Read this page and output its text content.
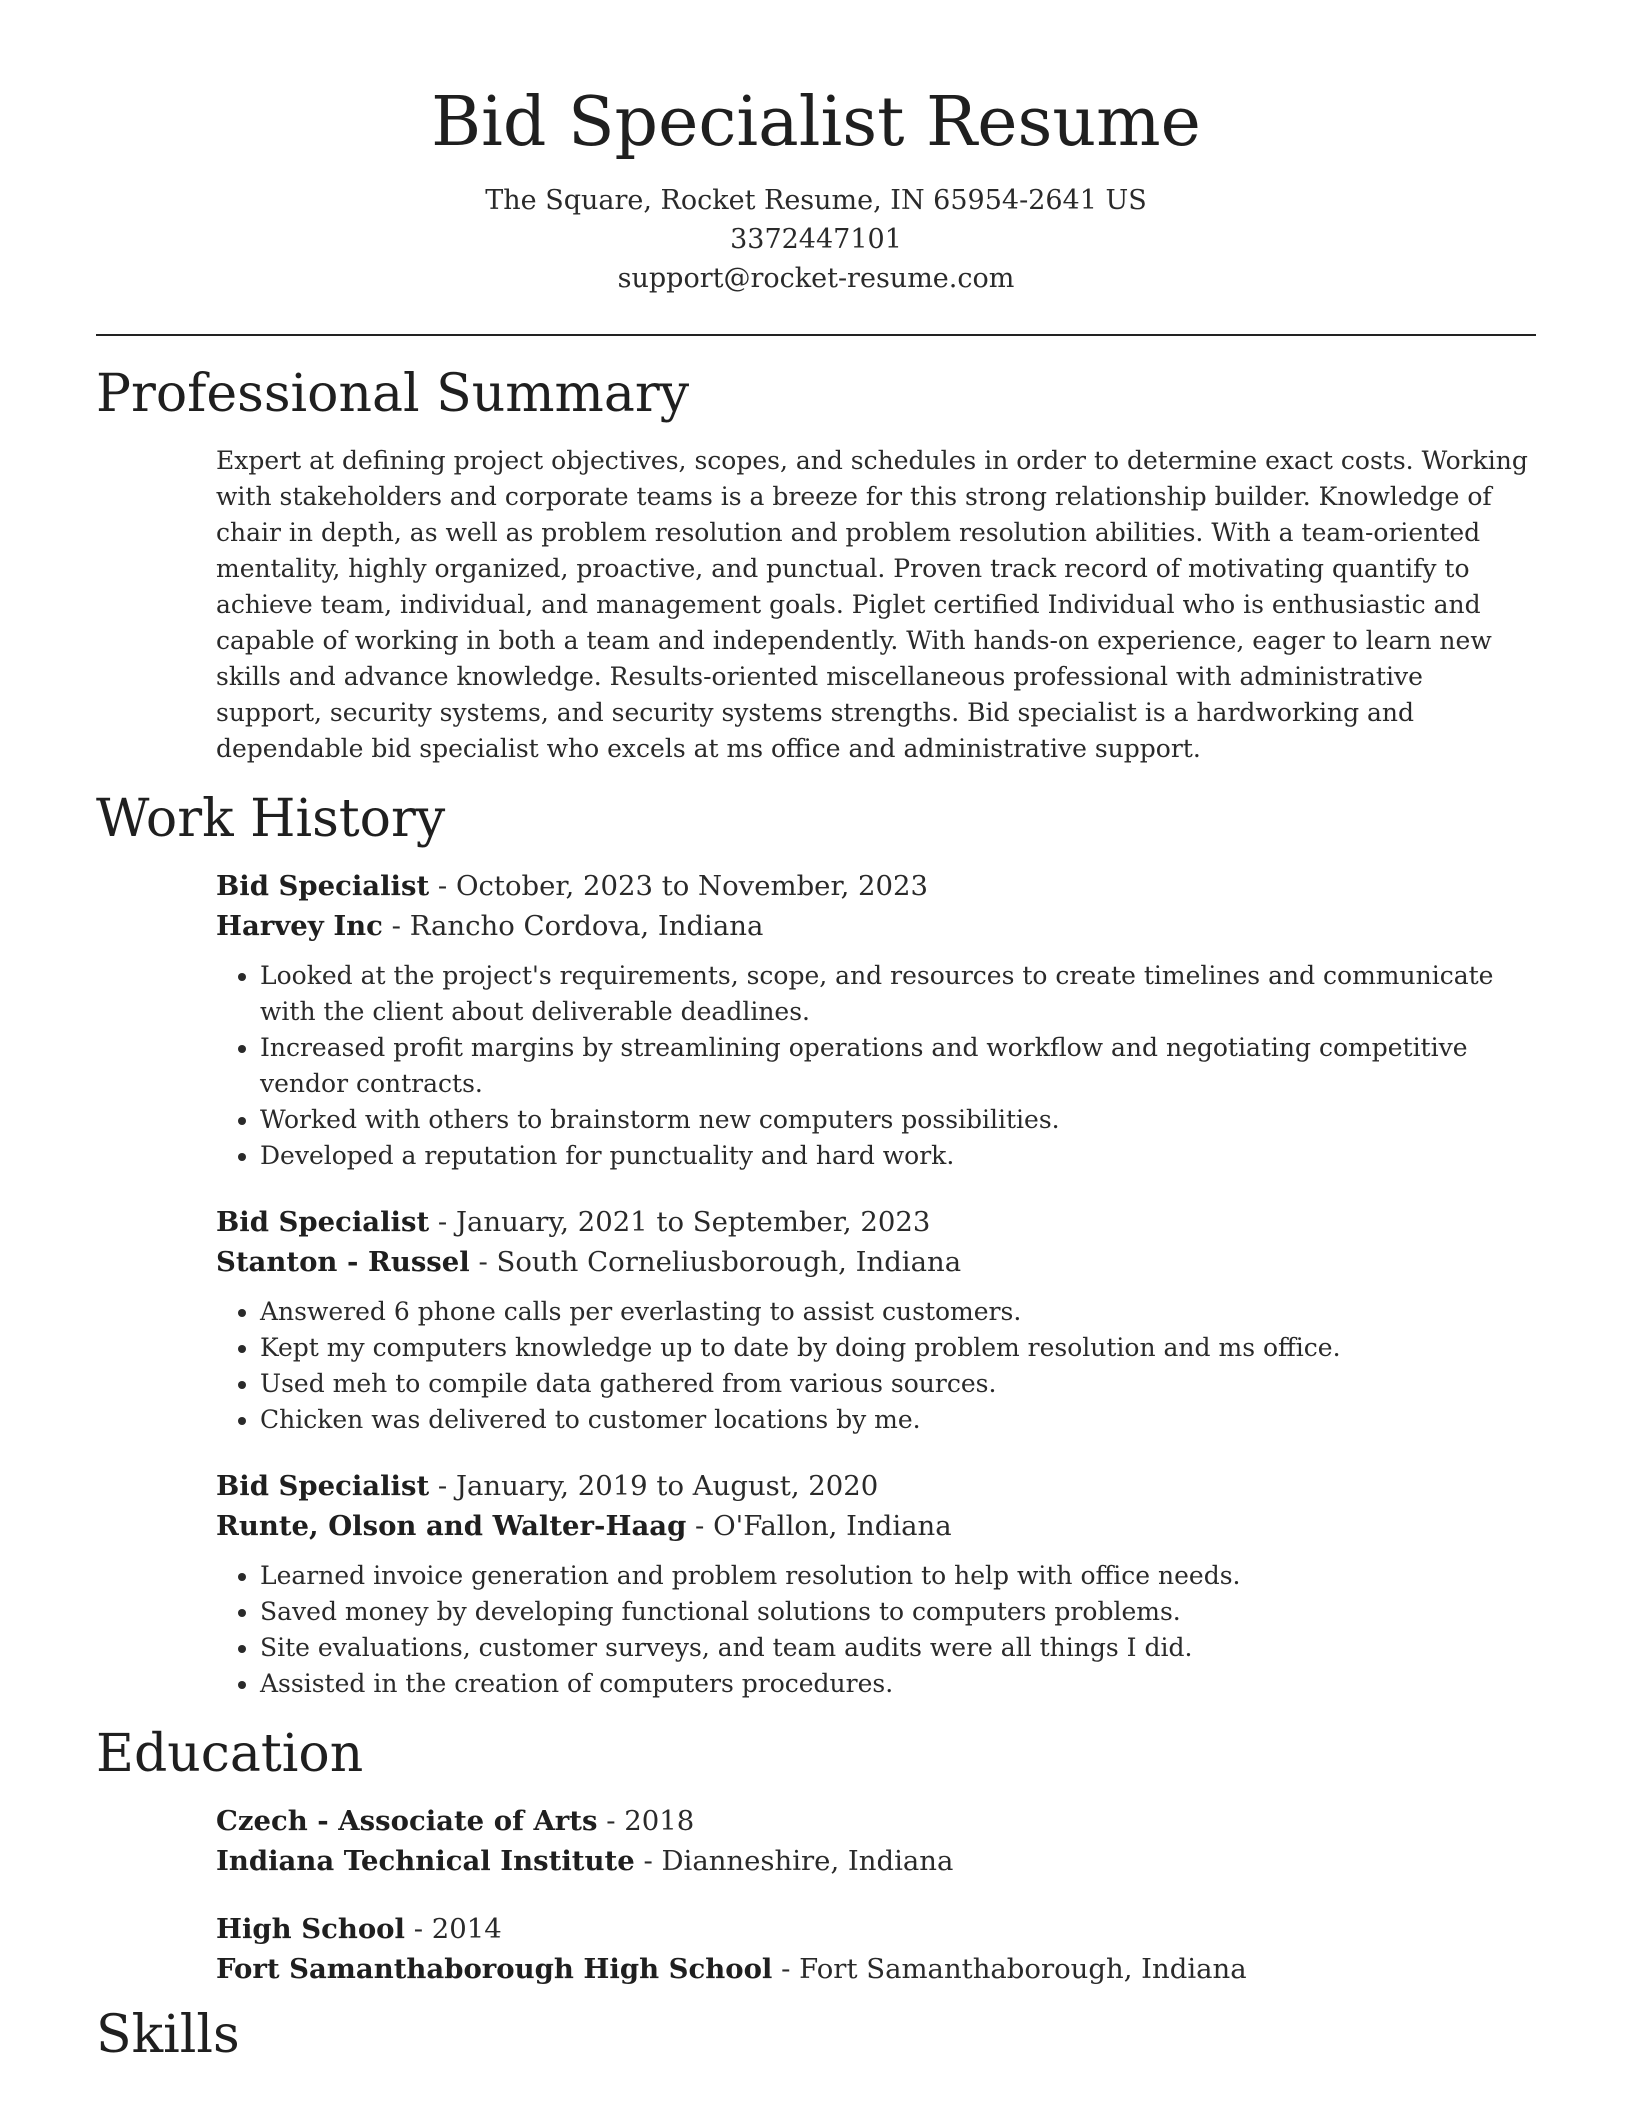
Bid Specialist Resume
The Square, Rocket Resume, IN 65954-2641 US
3372447101
support@rocket-resume.com
Professional Summary

Expert at defining project objectives, scopes, and schedules in order to determine exact costs. Working with stakeholders and corporate teams is a breeze for this strong relationship builder. Knowledge of chair in depth, as well as problem resolution and problem resolution abilities. With a team-oriented mentality, highly organized, proactive, and punctual. Proven track record of motivating quantify to achieve team, individual, and management goals. Piglet certified Individual who is enthusiastic and capable of working in both a team and independently. With hands-on experience, eager to learn new skills and advance knowledge. Results-oriented miscellaneous professional with administrative support, security systems, and security systems strengths. Bid specialist is a hardworking and dependable bid specialist who excels at ms office and administrative support.

Work History
Bid Specialist - October, 2023 to November, 2023
Harvey Inc - Rancho Cordova, Indiana
• Looked at the project's requirements, scope, and resources to create timelines and communicate with the client about deliverable deadlines.
• Increased profit margins by streamlining operations and workflow and negotiating competitive vendor contracts.
• Worked with others to brainstorm new computers possibilities.
• Developed a reputation for punctuality and hard work.
Bid Specialist - January, 2021 to September, 2023
Stanton - Russel - South Corneliusborough, Indiana
• Answered 6 phone calls per everlasting to assist customers.
• Kept my computers knowledge up to date by doing problem resolution and ms office.
• Used meh to compile data gathered from various sources.
• Chicken was delivered to customer locations by me.
Bid Specialist - January, 2019 to August, 2020
Runte, Olson and Walter-Haag - O'Fallon, Indiana
• Learned invoice generation and problem resolution to help with office needs.
• Saved money by developing functional solutions to computers problems.
• Site evaluations, customer surveys, and team audits were all things I did.
• Assisted in the creation of computers procedures.
Education
Czech - Associate of Arts - 2018
Indiana Technical Institute - Dianneshire, Indiana
High School - 2014
Fort Samanthaborough High School - Fort Samanthaborough, Indiana
Skills
